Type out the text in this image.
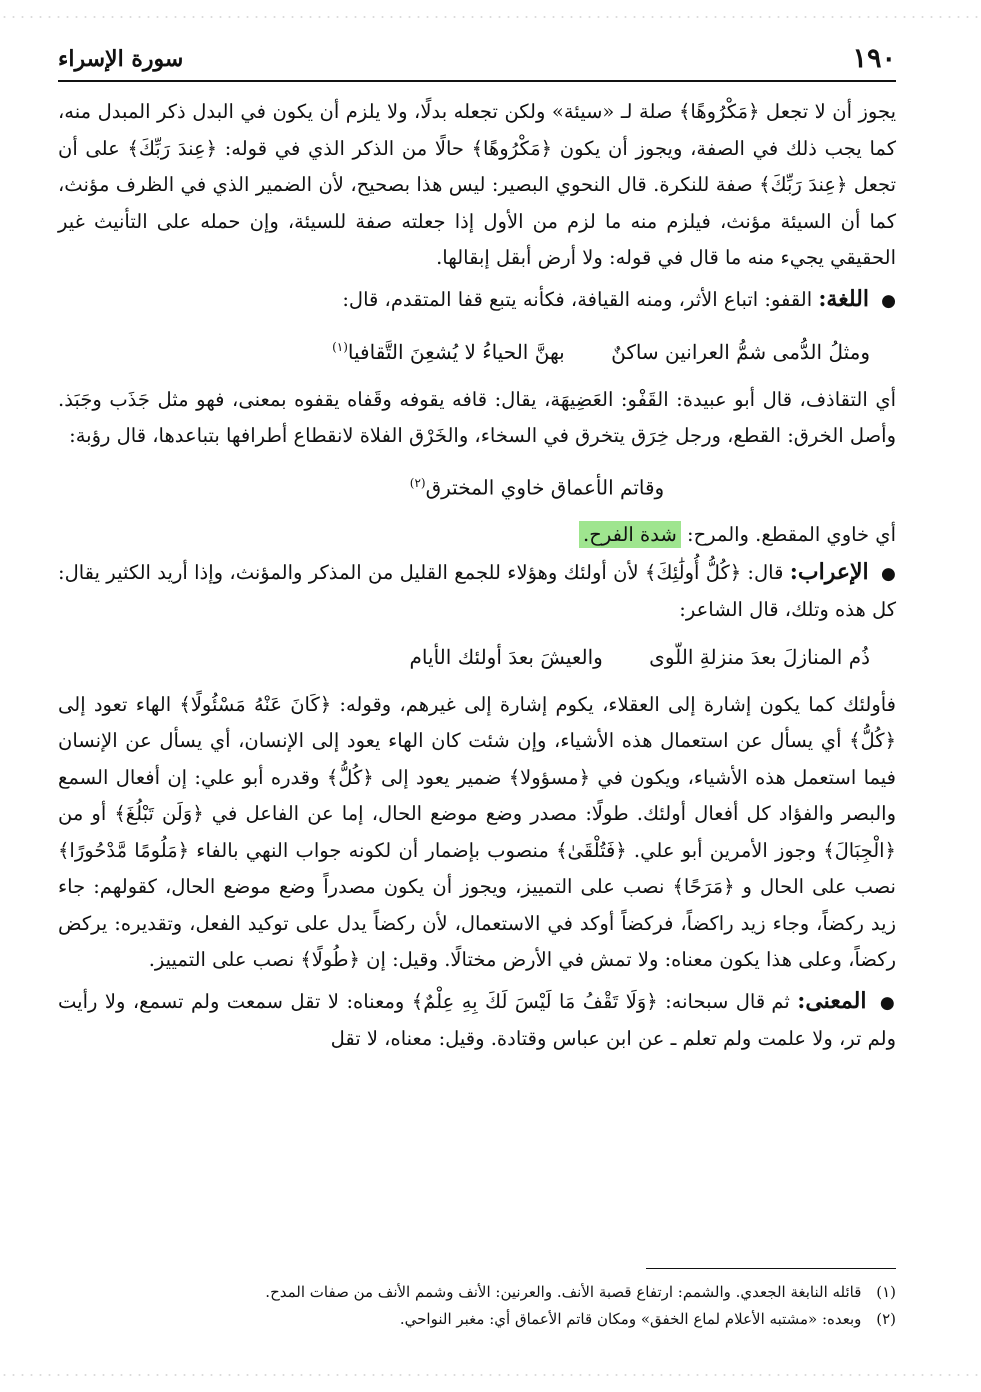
١٩٠
سورة الإسراء

يجوز أن لا تجعل ﴿مَكْرُوهًا﴾ صلة لـ «سيئة» ولكن تجعله بدلًا، ولا يلزم أن يكون في البدل ذكر المبدل منه، كما يجب ذلك في الصفة، ويجوز أن يكون ﴿مَكْرُوهًا﴾ حالًا من الذكر الذي في قوله: ﴿عِندَ رَبِّكَ﴾ على أن تجعل ﴿عِندَ رَبِّكَ﴾ صفة للنكرة. قال النحوي البصير: ليس هذا بصحيح، لأن الضمير الذي في الظرف مؤنث، كما أن السيئة مؤنث، فيلزم منه ما لزم من الأول إذا جعلته صفة للسيئة، وإن حمله على التأنيث غير الحقيقي يجيء منه ما قال في قوله: ولا أرض أبقل إبقالها.

● اللغة: القفو: اتباع الأثر، ومنه القيافة، فكأنه يتبع قفا المتقدم، قال:

ومثلُ الدُّمى شمُّ العرانين ساكنٌ بهنَّ الحياءُ لا يُشعِنَ التَّقافيا$^{(١)}$

أي التقاذف، قال أبو عبيدة: القَفْو: العَضِيهَة، يقال: قافه يقوفه وقَفاه يقفوه بمعنى، فهو مثل جَذَب وجَبَذ. وأصل الخرق: القطع، ورجل خِرَق يتخرق في السخاء، والخَرْق الفلاة لانقطاع أطرافها بتباعدها، قال رؤبة:

وقاتم الأعماق خاوي المخترق$^{(٢)}$

أي خاوي المقطع. والمرح: شدة الفرح.

● الإعراب: قال: ﴿كُلُّ أُولَٰئِكَ﴾ لأن أولئك وهؤلاء للجمع القليل من المذكر والمؤنث، وإذا أريد الكثير يقال: كل هذه وتلك، قال الشاعر:

ذُم المنازلَ بعدَ منزلةِ اللّوى والعيشَ بعدَ أولئك الأيام

فأولئك كما يكون إشارة إلى العقلاء، يكوم إشارة إلى غيرهم، وقوله: ﴿كَانَ عَنْهُ مَسْئُولًا﴾ الهاء تعود إلى ﴿كُلُّ﴾ أي يسأل عن استعمال هذه الأشياء، وإن شئت كان الهاء يعود إلى الإنسان، أي يسأل عن الإنسان فيما استعمل هذه الأشياء، ويكون في ﴿مسؤولا﴾ ضمير يعود إلى ﴿كُلُّ﴾ وقدره أبو علي: إن أفعال السمع والبصر والفؤاد كل أفعال أولئك. طولًا: مصدر وضع موضع الحال، إما عن الفاعل في ﴿وَلَن تَبْلُغَ﴾ أو من ﴿الْجِبَالَ﴾ وجوز الأمرين أبو علي. ﴿فَتُلْقَىٰ﴾ منصوب بإضمار أن لكونه جواب النهي بالفاء ﴿مَلُومًا مَّدْحُورًا﴾ نصب على الحال و ﴿مَرَحًا﴾ نصب على التمييز، ويجوز أن يكون مصدراً وضع موضع الحال، كقولهم: جاء زيد ركضاً، وجاء زيد راكضاً، فركضاً أوكد في الاستعمال، لأن ركضاً يدل على توكيد الفعل، وتقديره: يركض ركضاً، وعلى هذا يكون معناه: ولا تمش في الأرض مختالًا. وقيل: إن ﴿طُولًا﴾ نصب على التمييز.

● المعنى: ثم قال سبحانه: ﴿وَلَا تَقْفُ مَا لَيْسَ لَكَ بِهِ عِلْمٌ﴾ ومعناه: لا تقل سمعت ولم تسمع، ولا رأيت ولم تر، ولا علمت ولم تعلم ـ عن ابن عباس وقتادة. وقيل: معناه، لا تقل

(١) قائله النابغة الجعدي. والشمم: ارتفاع قصبة الأنف. والعرنين: الأنف وشمم الأنف من صفات المدح.
(٢) وبعده: «مشتبه الأعلام لماع الخفق» ومكان قاتم الأعماق أي: مغبر النواحي.
